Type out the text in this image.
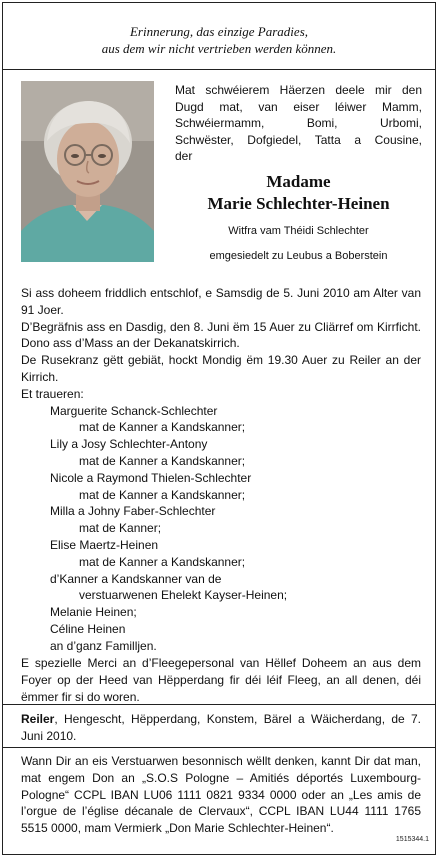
Erinnerung, das einzige Paradies,
aus dem wir nicht vertrieben werden können.
Mat schwéierem Häerzen deele mir den
Dugd mat, van eiser léiwer Mamm,
Schwéiermamm, Bomi, Urbomi,
Schwëster, Dofgiedel, Tatta a Cousine,
der
Madame
Marie Schlechter-Heinen
Witfra vam Théidi Schlechter
emgesiedelt zu Leubus a Boberstein
Si ass doheem friddlich entschlof, e Samsdig de 5. Juni 2010 am Alter van 91 Joer.
D’Begräfnis ass en Dasdig, den 8. Juni ëm 15 Auer zu Cliärref om Kirrficht. Dono ass d’Mass an der Dekanatskirrich.
De Rusekranz gëtt gebiät, hockt Mondig ëm 19.30 Auer zu Reiler an der Kirrich.
Et traueren:
Marguerite Schanck-Schlechter
mat de Kanner a Kandskanner;
Lily a Josy Schlechter-Antony
mat de Kanner a Kandskanner;
Nicole a Raymond Thielen-Schlechter
mat de Kanner a Kandskanner;
Milla a Johny Faber-Schlechter
mat de Kanner;
Elise Maertz-Heinen
mat de Kanner a Kandskanner;
d’Kanner a Kandskanner van de
verstuarwenen Ehelekt Kayser-Heinen;
Melanie Heinen;
Céline Heinen
an d’ganz Familljen.
E spezielle Merci an d’Fleegepersonal van Hëllef Doheem an aus dem Foyer op der Heed van Hëpperdang fir déi léif Fleeg, an all denen, déi ëmmer fir si do woren.
Reiler, Hengescht, Hëpperdang, Konstem, Bärel a Wäicherdang, de 7. Juni 2010.
Wann Dir an eis Verstuarwen besonnisch wëllt denken, kannt Dir dat man, mat engem Don an „S.O.S Pologne – Amitiés déportés Luxembourg-Pologne“ CCPL IBAN LU06 1111 0821 9334 0000 oder an „Les amis de l’orgue de l’église décanale de Clervaux“, CCPL IBAN LU44 1111 1765 5515 0000, mam Vermierk „Don Marie Schlechter-Heinen“.
1515344.1
